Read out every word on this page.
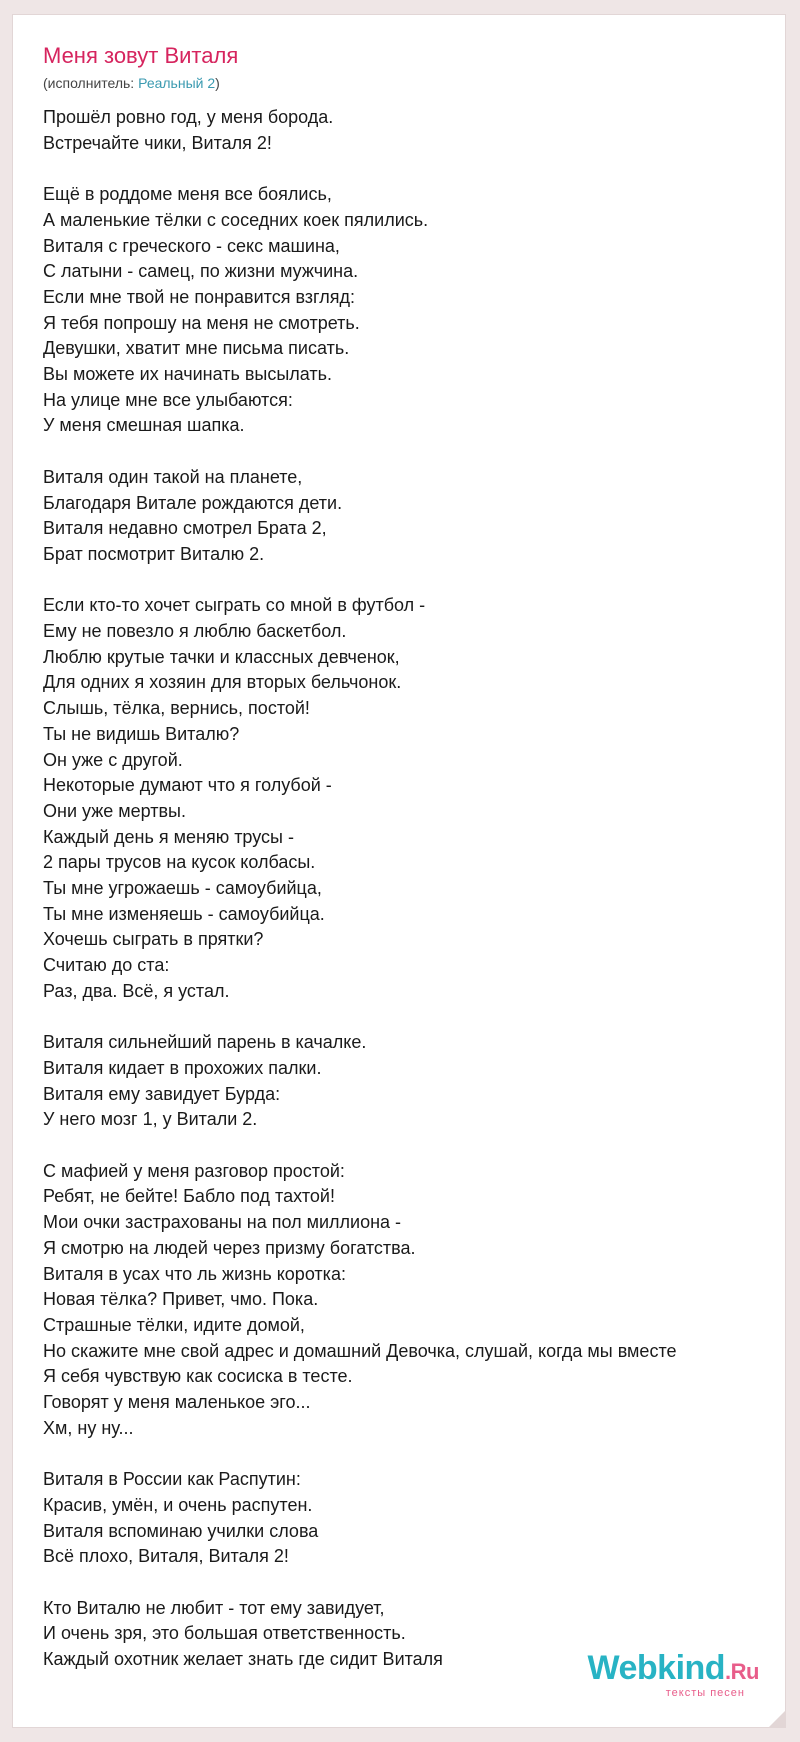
Меня зовут Виталя
(исполнитель: Реальный 2)
Прошёл ровно год, у меня борода.
Встречайте чики, Виталя 2!
Ещё в роддоме меня все боялись,
А маленькие тёлки с соседних коек пялились.
Виталя с греческого - секс машина,
С латыни - самец, по жизни мужчина.
Если мне твой не понравится взгляд:
Я тебя попрошу на меня не смотреть.
Девушки, хватит мне письма писать.
Вы можете их начинать высылать.
На улице мне все улыбаются:
У меня смешная шапка.
Виталя один такой на планете,
Благодаря Витале рождаются дети.
Виталя недавно смотрел Брата 2,
Брат посмотрит Виталю 2.
Если кто-то хочет сыграть со мной в футбол -
Ему не повезло я люблю баскетбол.
Люблю крутые тачки и классных девченок,
Для одних я хозяин для вторых бельчонок.
Слышь, тёлка, вернись, постой!
Ты не видишь Виталю?
Он уже с другой.
Некоторые думают что я голубой -
Они уже мертвы.
Каждый день я меняю трусы -
2 пары трусов на кусок колбасы.
Ты мне угрожаешь - самоубийца,
Ты мне изменяешь - самоубийца.
Хочешь сыграть в прятки?
Считаю до ста:
Раз, два. Всё, я устал.
Виталя сильнейший парень в качалке.
Виталя кидает в прохожих палки.
Виталя ему завидует Бурда:
У него мозг 1, у Витали 2.
С мафией у меня разговор простой:
Ребят, не бейте! Бабло под тахтой!
Мои очки застрахованы на пол миллиона -
Я смотрю на людей через призму богатства.
Виталя в усах что ль жизнь коротка:
Новая тёлка? Привет, чмо. Пока.
Страшные тёлки, идите домой,
Но скажите мне свой адрес и домашний Девочка, слушай, когда мы вместе
Я себя чувствую как сосиска в тесте.
Говорят у меня маленькое эго...
Хм, ну ну...
Виталя в России как Распутин:
Красив, умён, и очень распутен.
Виталя вспоминаю училки слова
Всё плохо, Виталя, Виталя 2!
Кто Виталю не любит - тот ему завидует,
И очень зря, это большая ответственность.
Каждый охотник желает знать где сидит Виталя	Webkind.Ru
тексты песен
